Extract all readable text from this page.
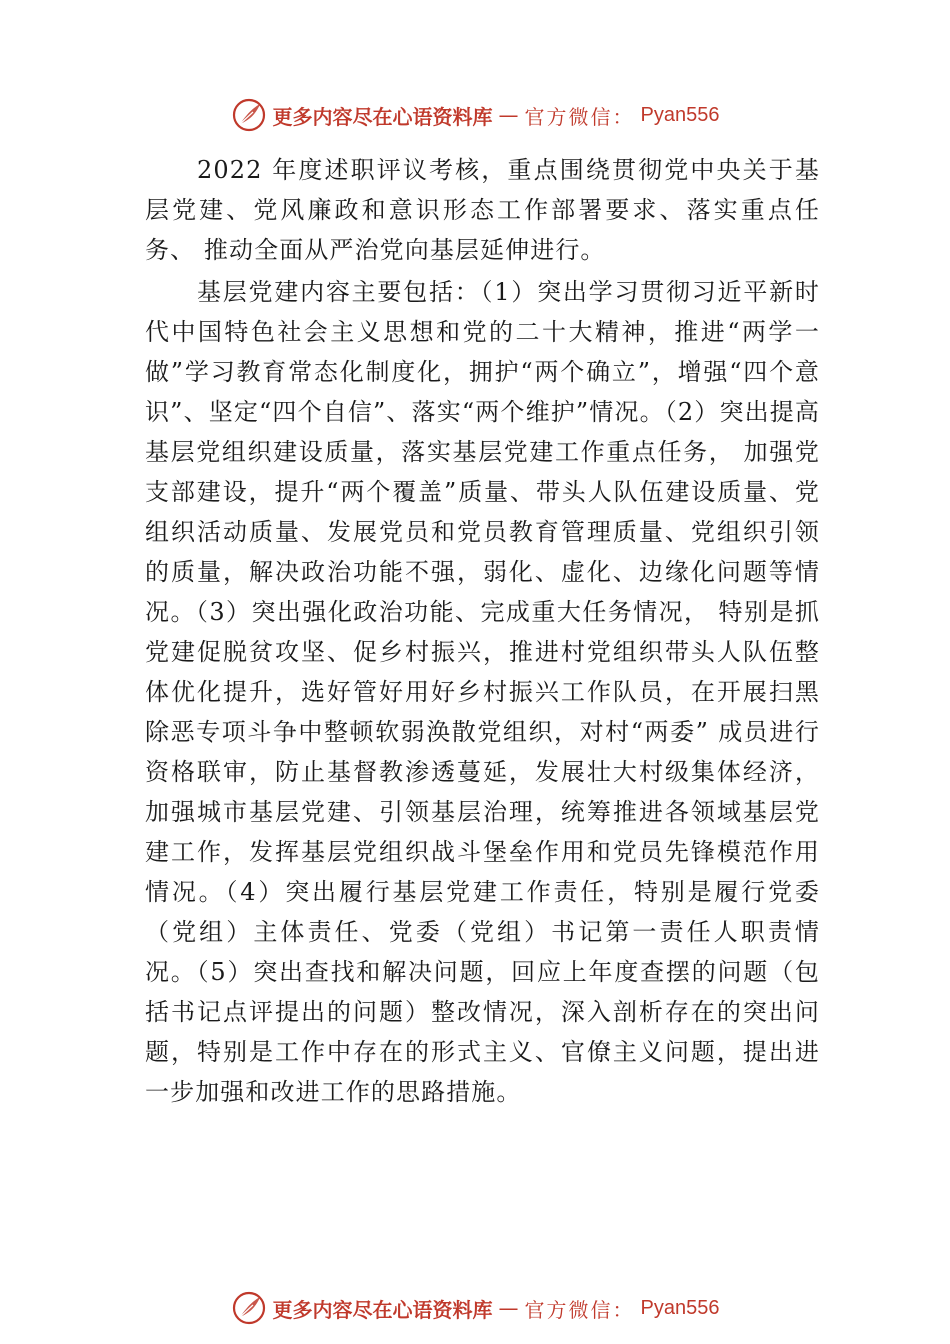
更多内容尽在心语资料库 — 官方微信： Pyan556

2022 年度述职评议考核，重点围绕贯彻党中央关于基层党建、党风廉政和意识形态工作部署要求、落实重点任务、 推动全面从严治党向基层延伸进行。

基层党建内容主要包括：（1）突出学习贯彻习近平新时代中国特色社会主义思想和党的二十大精神，推进“两学一做”学习教育常态化制度化，拥护“两个确立”，增强“四个意识”、坚定“四个自信”、落实“两个维护”情况。（2）突出提高基层党组织建设质量，落实基层党建工作重点任务， 加强党支部建设，提升“两个覆盖”质量、带头人队伍建设质量、党组织活动质量、发展党员和党员教育管理质量、党组织引领的质量，解决政治功能不强，弱化、虚化、边缘化问题等情况。（3）突出强化政治功能、完成重大任务情况， 特别是抓党建促脱贫攻坚、促乡村振兴，推进村党组织带头人队伍整体优化提升，选好管好用好乡村振兴工作队员，在开展扫黑除恶专项斗争中整顿软弱涣散党组织，对村“两委” 成员进行资格联审，防止基督教渗透蔓延，发展壮大村级集体经济，加强城市基层党建、引领基层治理，统筹推进各领域基层党建工作，发挥基层党组织战斗堡垒作用和党员先锋模范作用情况。（4）突出履行基层党建工作责任，特别是履行党委（党组）主体责任、党委（党组）书记第一责任人职责情况。（5）突出查找和解决问题，回应上年度查摆的问题（包括书记点评提出的问题）整改情况，深入剖析存在的突出问题，特别是工作中存在的形式主义、官僚主义问题，提出进一步加强和改进工作的思路措施。

更多内容尽在心语资料库 — 官方微信： Pyan556
